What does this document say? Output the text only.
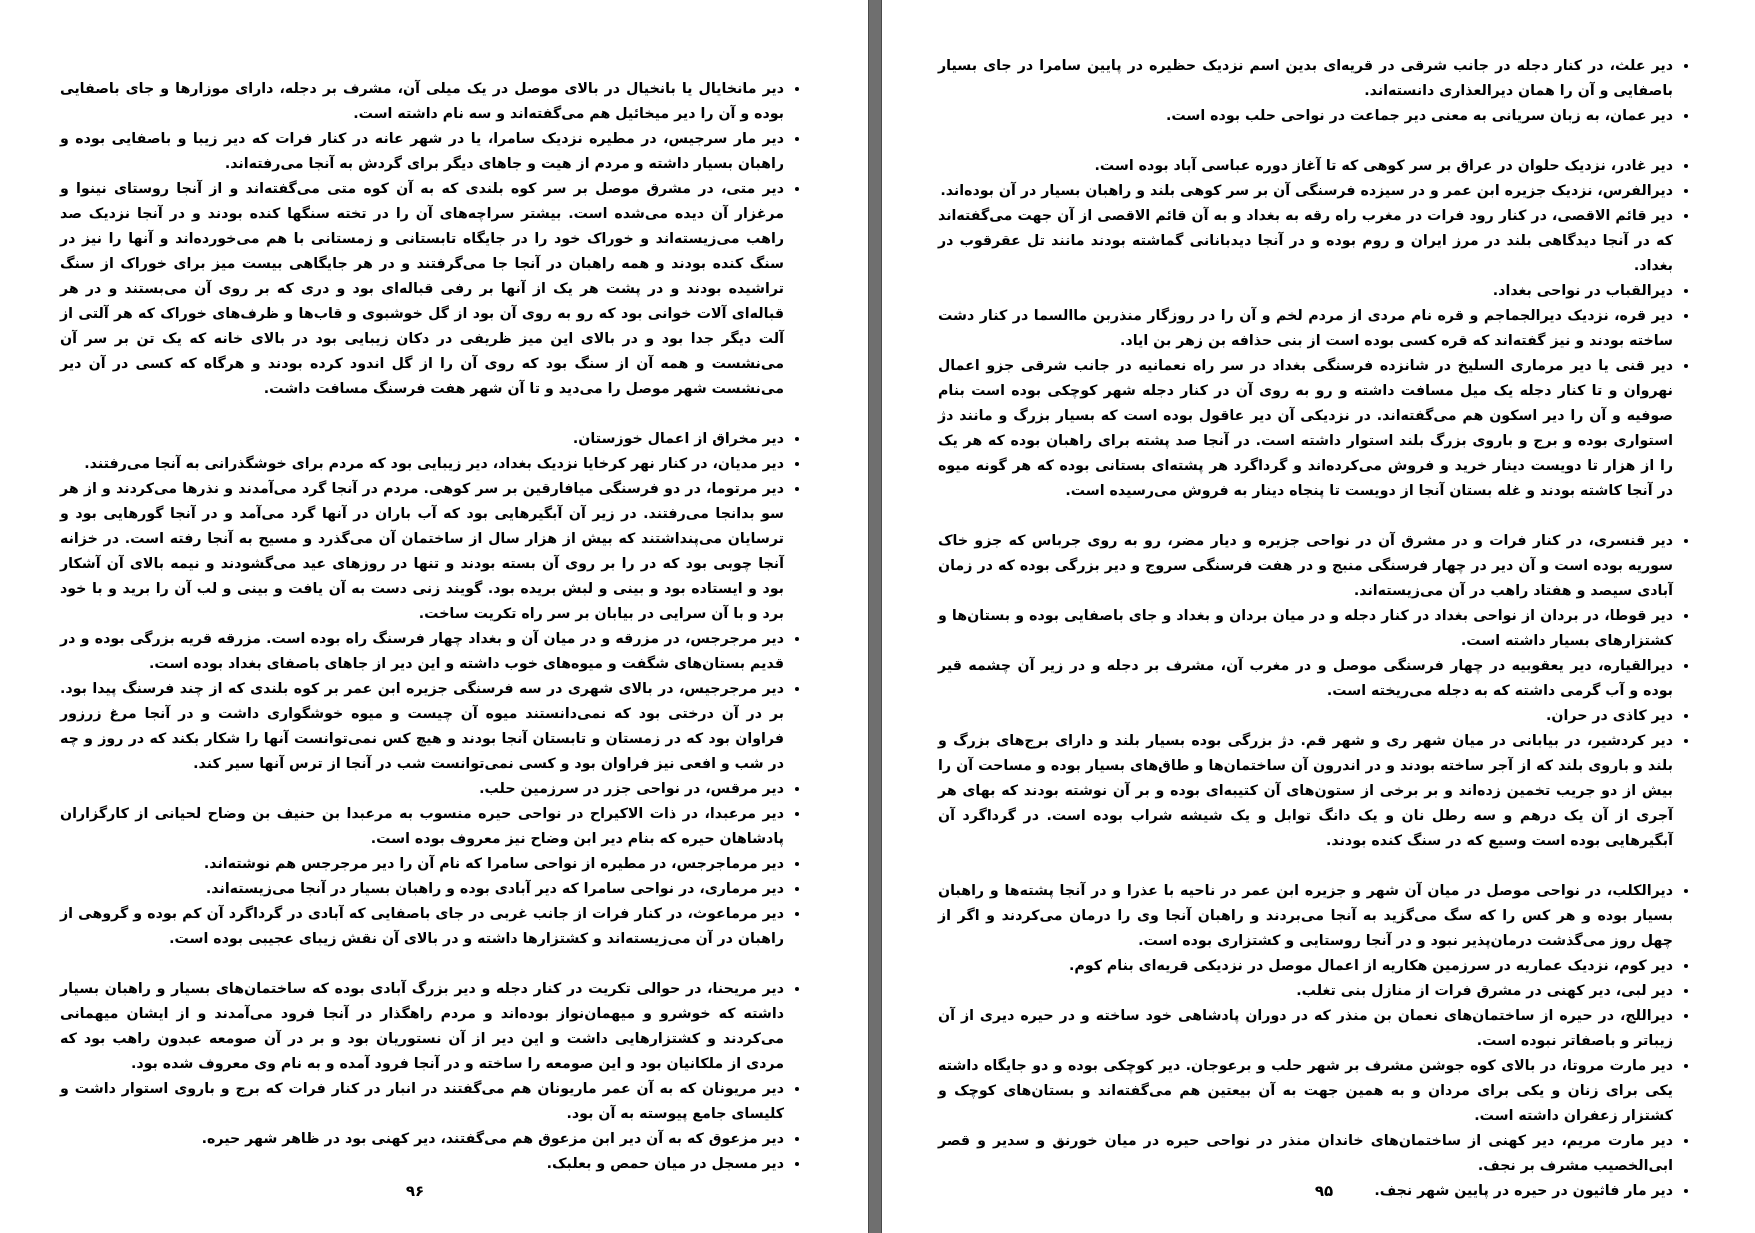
• دیر مانخایال یا بانخیال در بالای موصل در یک میلی آن، مشرف بر دجله، دارای موزارها و جای باصفایی بوده و آن را دیر میخائیل هم می‌گفته‌اند و سه نام داشته است.
• دیر مار سرجیس، در مطیره نزدیک سامرا، یا در شهر عانه در کنار فرات که دیر زیبا و باصفایی بوده و راهبان بسیار داشته و مردم از هیت و جاهای دیگر برای گردش به آنجا می‌رفته‌اند.
• دیر متی، در مشرق موصل بر سر کوه بلندی که به آن کوه متی می‌گفته‌اند و از آنجا روستای نینوا و مرغزار آن دیده می‌شده است. بیشتر سراچه‌های آن را در تخته سنگها کنده بودند و در آنجا نزدیک صد راهب می‌زیسته‌اند و خوراک خود را در جایگاه تابستانی و زمستانی با هم می‌خورده‌اند و آنها را نیز در سنگ کنده بودند و همه راهبان در آنجا جا می‌گرفتند و در هر جایگاهی بیست میز برای خوراک از سنگ تراشیده بودند و در پشت هر یک از آنها بر رفی قباله‌ای بود و دری که بر روی آن می‌بستند و در هر قباله‌ای آلات خوانی بود که رو به روی آن بود از گل خوشبوی و قاب‌ها و ظرف‌های خوراک که هر آلتی از آلت دیگر جدا بود و در بالای این میز ظریفی در دکان زیبایی بود در بالای خانه که یک تن بر سر آن می‌نشست و همه آن از سنگ بود که روی آن را از گل اندود کرده بودند و هرگاه که کسی در آن دیر می‌نشست شهر موصل را می‌دید و تا آن شهر هفت فرسنگ مسافت داشت.
• دیر مخراق از اعمال خوزستان.
• دیر مدیان، در کنار نهر کرخایا نزدیک بغداد، دیر زیبایی بود که مردم برای خوشگذرانی به آنجا می‌رفتند.
• دیر مرتوما، در دو فرسنگی میافارقین بر سر کوهی. مردم در آنجا گرد می‌آمدند و نذرها می‌کردند و از هر سو بدانجا می‌رفتند. در زیر آن آبگیرهایی بود که آب باران در آنها گرد می‌آمد و در آنجا گورهایی بود و ترسایان می‌پنداشتند که بیش از هزار سال از ساختمان آن می‌گذرد و مسیح به آنجا رفته است. در خزانه آنجا چوبی بود که در را بر روی آن بسته بودند و تنها در روزهای عید می‌گشودند و نیمه بالای آن آشکار بود و ایستاده بود و بینی و لبش بریده بود. گویند زنی دست به آن یافت و بینی و لب آن را برید و با خود برد و با آن سرایی در بیابان بر سر راه تکریت ساخت.
• دیر مرجرجس، در مزرقه و در میان آن و بغداد چهار فرسنگ راه بوده است. مزرقه قریه بزرگی بوده و در قدیم بستان‌های شگفت و میوه‌های خوب داشته و این دیر از جاهای باصفای بغداد بوده است.
• دیر مرجرجیس، در بالای شهری در سه فرسنگی جزیره ابن عمر بر کوه بلندی که از چند فرسنگ پیدا بود. بر در آن درختی بود که نمی‌دانستند میوه آن چیست و میوه خوشگواری داشت و در آنجا مرغ زرزور فراوان بود که در زمستان و تابستان آنجا بودند و هیچ کس نمی‌توانست آنها را شکار بکند که در روز و چه در شب و افعی نیز فراوان بود و کسی نمی‌توانست شب در آنجا از ترس آنها سیر کند.
• دیر مرقس، در نواحی جزر در سرزمین حلب.
• دیر مرعبدا، در ذات الاکیراح در نواحی حیره منسوب به مرعبدا بن حنیف بن وضاح لحیانی از کارگزاران پادشاهان حیره که بنام دیر ابن وضاح نیز معروف بوده است.
• دیر مرماجرجس، در مطیره از نواحی سامرا که نام آن را دیر مرجرجس هم نوشته‌اند.
• دیر مرماری، در نواحی سامرا که دیر آبادی بوده و راهبان بسیار در آنجا می‌زیسته‌اند.
• دیر مرماعوث، در کنار فرات از جانب غربی در جای باصفایی که آبادی در گرداگرد آن کم بوده و گروهی از راهبان در آن می‌زیسته‌اند و کشتزارها داشته و در بالای آن نقش زیبای عجیبی بوده است.
• دیر مریحنا، در حوالی تکریت در کنار دجله و دیر بزرگ آبادی بوده که ساختمان‌های بسیار و راهبان بسیار داشته که خوشرو و میهمان‌نواز بوده‌اند و مردم راهگذار در آنجا فرود می‌آمدند و از ایشان میهمانی می‌کردند و کشتزارهایی داشت و این دیر از آن نستوریان بود و بر در آن صومعه عبدون راهب بود که مردی از ملکانیان بود و این صومعه را ساخته و در آنجا فرود آمده و به نام وی معروف شده بود.
• دیر مریونان که به آن عمر ماریونان هم می‌گفتند در انبار در کنار فرات که برج و باروی استوار داشت و کلیسای جامع پیوسته به آن بود.
• دیر مزعوق که به آن دیر ابن مزعوق هم می‌گفتند، دیر کهنی بود در ظاهر شهر حیره.
• دیر مسجل در میان حمص و بعلبک.
۹۶
• دیر علث، در کنار دجله در جانب شرقی در قریه‌ای بدین اسم نزدیک حظیره در پایین سامرا در جای بسیار باصفایی و آن را همان دیرالعذاری دانسته‌اند.
• دیر عمان، به زبان سریانی به معنی دیر جماعت در نواحی حلب بوده است.
• دیر غادر، نزدیک حلوان در عراق بر سر کوهی که تا آغاز دوره عباسی آباد بوده است.
• دیرالفرس، نزدیک جزیره ابن عمر و در سیزده فرسنگی آن بر سر کوهی بلند و راهبان بسیار در آن بوده‌اند.
• دیر قائم الاقصی، در کنار رود فرات در مغرب راه رقه به بغداد و به آن قائم الاقصی از آن جهت می‌گفته‌اند که در آنجا دیدگاهی بلند در مرز ایران و روم بوده و در آنجا دیدبانانی گماشته بودند مانند تل عقرقوب در بغداد.
• دیرالقباب در نواحی بغداد.
• دیر قره، نزدیک دیرالجماجم و قره نام مردی از مردم لخم و آن را در روزگار منذربن ماالسما در کنار دشت ساخته بودند و نیز گفته‌اند که قره کسی بوده است از بنی حذافه بن زهر بن ایاد.
• دیر قنی یا دیر مرماری السلیخ در شانزده فرسنگی بغداد در سر راه نعمانیه در جانب شرقی جزو اعمال نهروان و تا کنار دجله یک میل مسافت داشته و رو به روی آن در کنار دجله شهر کوچکی بوده است بنام صوفیه و آن را دیر اسکون هم می‌گفته‌اند. در نزدیکی آن دیر عاقول بوده است که بسیار بزرگ و مانند دژ استواری بوده و برج و باروی بزرگ بلند استوار داشته است. در آنجا صد پشته برای راهبان بوده که هر یک را از هزار تا دویست دینار خرید و فروش می‌کرده‌اند و گرداگرد هر پشته‌ای بستانی بوده که هر گونه میوه در آنجا کاشته بودند و غله بستان آنجا از دویست تا پنجاه دینار به فروش می‌رسیده است.
• دیر قنسری، در کنار فرات و در مشرق آن در نواحی جزیره و دیار مضر، رو به روی جرباس که جزو خاک سوریه بوده است و آن دیر در چهار فرسنگی منبج و در هفت فرسنگی سروج و دیر بزرگی بوده که در زمان آبادی سیصد و هفتاد راهب در آن می‌زیسته‌اند.
• دیر قوطا، در بردان از نواحی بغداد در کنار دجله و در میان بردان و بغداد و جای باصفایی بوده و بستان‌ها و کشتزارهای بسیار داشته است.
• دیرالقیاره، دیر یعقوبیه در چهار فرسنگی موصل و در مغرب آن، مشرف بر دجله و در زیر آن چشمه قیر بوده و آب گرمی داشته که به دجله می‌ریخته است.
• دیر کاذی در حران.
• دیر کردشیر، در بیابانی در میان شهر ری و شهر قم. دژ بزرگی بوده بسیار بلند و دارای برج‌های بزرگ و بلند و باروی بلند که از آجر ساخته بودند و در اندرون آن ساختمان‌ها و طاق‌های بسیار بوده و مساحت آن را بیش از دو جریب تخمین زده‌اند و بر برخی از ستون‌های آن کتیبه‌ای بوده و بر آن نوشته بودند که بهای هر آجری از آن یک درهم و سه رطل نان و یک دانگ توابل و یک شیشه شراب بوده است. در گرداگرد آن آبگیرهایی بوده است وسیع که در سنگ کنده بودند.
• دیرالکلب، در نواحی موصل در میان آن شهر و جزیره ابن عمر در ناحیه با عذرا و در آنجا پشته‌ها و راهبان بسیار بوده و هر کس را که سگ می‌گزید به آنجا می‌بردند و راهبان آنجا وی را درمان می‌کردند و اگر از چهل روز می‌گذشت درمان‌پذیر نبود و در آنجا روستایی و کشتزاری بوده است.
• دیر کوم، نزدیک عماریه در سرزمین هکاریه از اعمال موصل در نزدیکی قریه‌ای بنام کوم.
• دیر لبی، دیر کهنی در مشرق فرات از منازل بنی تغلب.
• دیراللج، در حیره از ساختمان‌های نعمان بن منذر که در دوران پادشاهی خود ساخته و در حیره دیری از آن زیباتر و باصفاتر نبوده است.
• دیر مارت مروتا، در بالای کوه جوشن مشرف بر شهر حلب و برعوجان. دیر کوچکی بوده و دو جایگاه داشته یکی برای زنان و یکی برای مردان و به همین جهت به آن بیعتین هم می‌گفته‌اند و بستان‌های کوچک و کشتزار زعفران داشته است.
• دیر مارت مریم، دیر کهنی از ساختمان‌های خاندان منذر در نواحی حیره در میان خورنق و سدیر و قصر ابی‌الخصیب مشرف بر نجف.
• دیر مار فاثیون در حیره در پایین شهر نجف.
۹۵
